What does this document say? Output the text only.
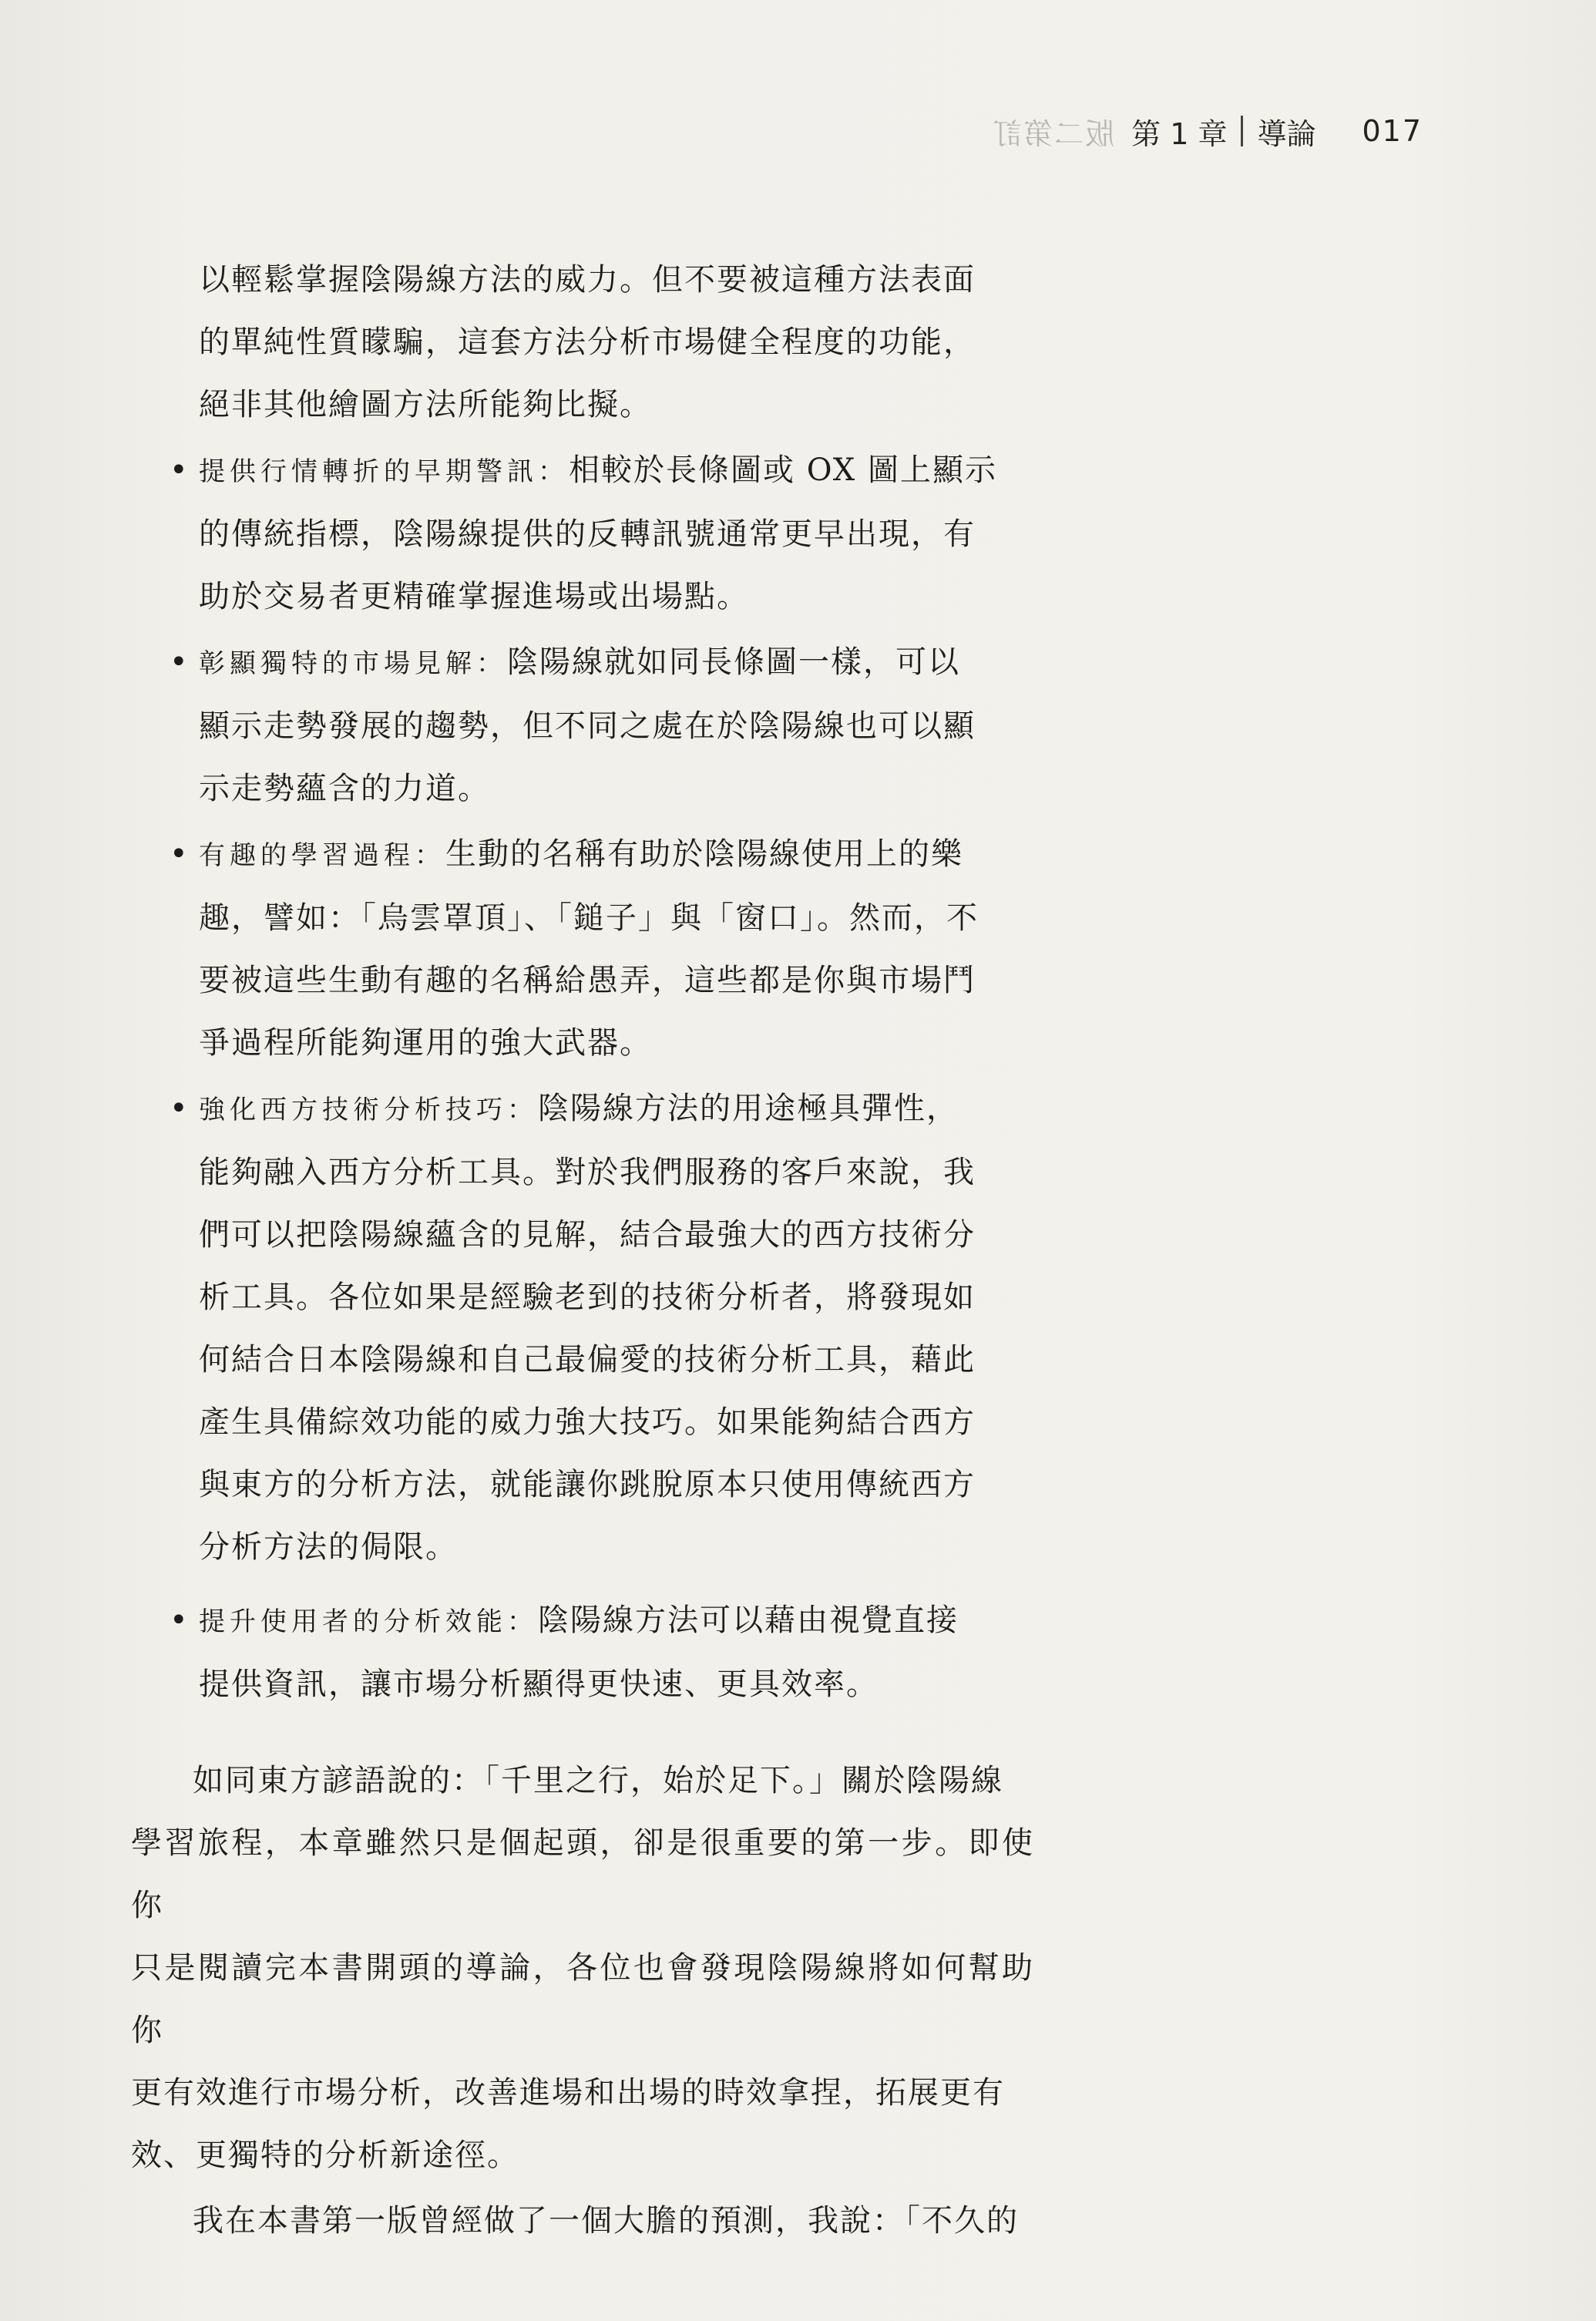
版二第訂 第 1 章 導論 017

以輕鬆掌握陰陽線方法的威力。但不要被這種方法表面

的單純性質矇騙，這套方法分析市場健全程度的功能，

絕非其他繪圖方法所能夠比擬。

• 提供行情轉折的早期警訊：相較於長條圖或 OX 圖上顯示

的傳統指標，陰陽線提供的反轉訊號通常更早出現，有

助於交易者更精確掌握進場或出場點。

• 彰顯獨特的市場見解：陰陽線就如同長條圖一樣，可以

顯示走勢發展的趨勢，但不同之處在於陰陽線也可以顯

示走勢蘊含的力道。

• 有趣的學習過程：生動的名稱有助於陰陽線使用上的樂

趣，譬如：「烏雲罩頂」、「鎚子」與「窗口」。然而，不

要被這些生動有趣的名稱給愚弄，這些都是你與市場鬥

爭過程所能夠運用的強大武器。

• 強化西方技術分析技巧：陰陽線方法的用途極具彈性，

能夠融入西方分析工具。對於我們服務的客戶來說，我

們可以把陰陽線蘊含的見解，結合最強大的西方技術分

析工具。各位如果是經驗老到的技術分析者，將發現如

何結合日本陰陽線和自己最偏愛的技術分析工具，藉此

產生具備綜效功能的威力強大技巧。如果能夠結合西方

與東方的分析方法，就能讓你跳脫原本只使用傳統西方

分析方法的侷限。

• 提升使用者的分析效能：陰陽線方法可以藉由視覺直接

提供資訊，讓市場分析顯得更快速、更具效率。

如同東方諺語說的：「千里之行，始於足下。」關於陰陽線

學習旅程，本章雖然只是個起頭，卻是很重要的第一步。即使你

只是閱讀完本書開頭的導論，各位也會發現陰陽線將如何幫助你

更有效進行市場分析，改善進場和出場的時效拿捏，拓展更有

效、更獨特的分析新途徑。

我在本書第一版曾經做了一個大膽的預測，我說：「不久的
